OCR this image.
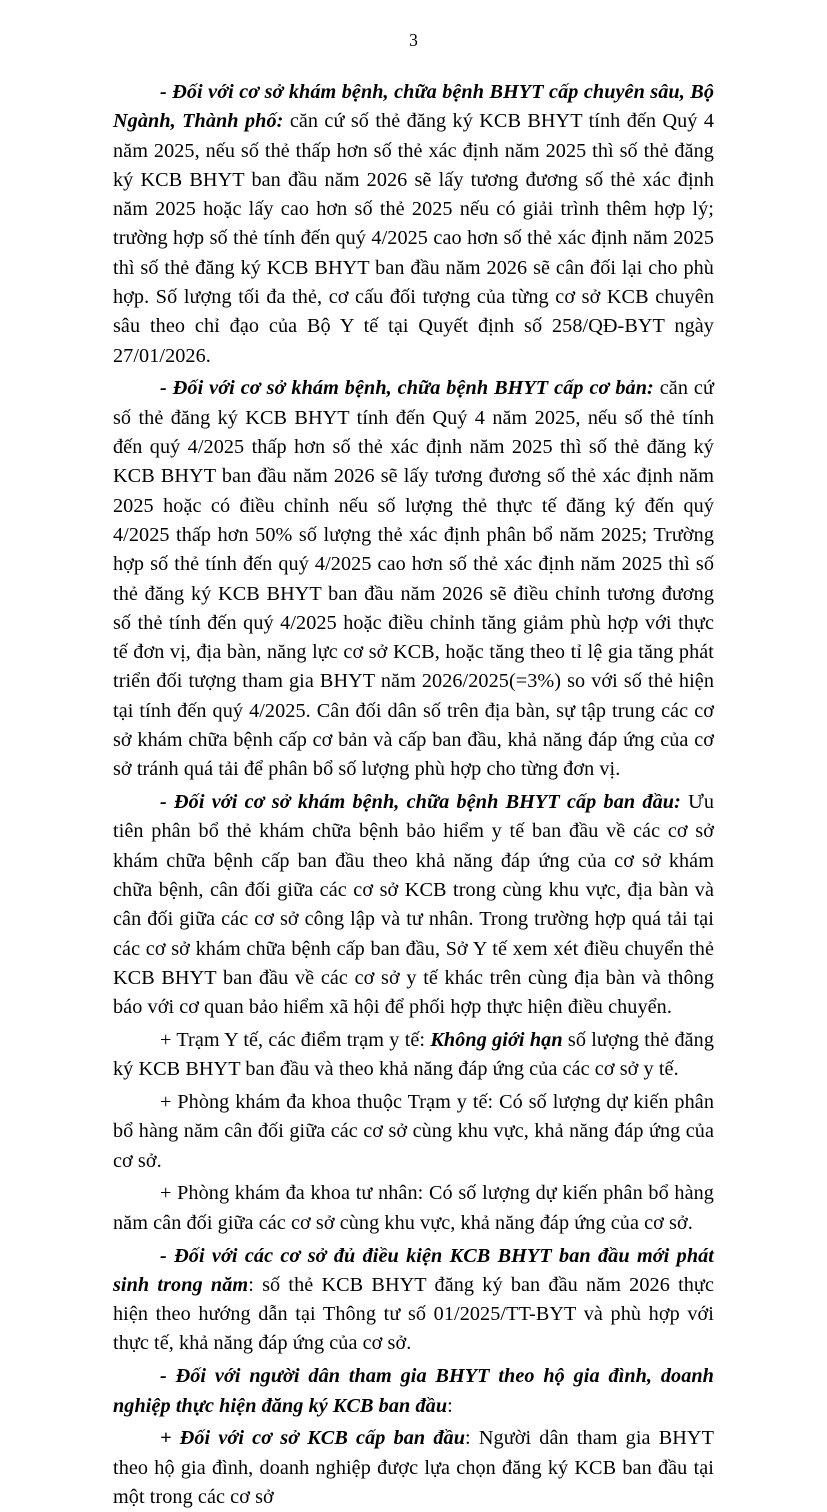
3

- Đối với cơ sở khám bệnh, chữa bệnh BHYT cấp chuyên sâu, Bộ Ngành, Thành phố: căn cứ số thẻ đăng ký KCB BHYT tính đến Quý 4 năm 2025, nếu số thẻ thấp hơn số thẻ xác định năm 2025 thì số thẻ đăng ký KCB BHYT ban đầu năm 2026 sẽ lấy tương đương số thẻ xác định năm 2025 hoặc lấy cao hơn số thẻ 2025 nếu có giải trình thêm hợp lý; trường hợp số thẻ tính đến quý 4/2025 cao hơn số thẻ xác định năm 2025 thì số thẻ đăng ký KCB BHYT ban đầu năm 2026 sẽ cân đối lại cho phù hợp. Số lượng tối đa thẻ, cơ cấu đối tượng của từng cơ sở KCB chuyên sâu theo chỉ đạo của Bộ Y tế tại Quyết định số 258/QĐ-BYT ngày 27/01/2026.

- Đối với cơ sở khám bệnh, chữa bệnh BHYT cấp cơ bản: căn cứ số thẻ đăng ký KCB BHYT tính đến Quý 4 năm 2025, nếu số thẻ tính đến quý 4/2025 thấp hơn số thẻ xác định năm 2025 thì số thẻ đăng ký KCB BHYT ban đầu năm 2026 sẽ lấy tương đương số thẻ xác định năm 2025 hoặc có điều chỉnh nếu số lượng thẻ thực tế đăng ký đến quý 4/2025 thấp hơn 50% số lượng thẻ xác định phân bổ năm 2025; Trường hợp số thẻ tính đến quý 4/2025 cao hơn số thẻ xác định năm 2025 thì số thẻ đăng ký KCB BHYT ban đầu năm 2026 sẽ điều chỉnh tương đương số thẻ tính đến quý 4/2025 hoặc điều chỉnh tăng giảm phù hợp với thực tế đơn vị, địa bàn, năng lực cơ sở KCB, hoặc tăng theo tỉ lệ gia tăng phát triển đối tượng tham gia BHYT năm 2026/2025(=3%) so với số thẻ hiện tại tính đến quý 4/2025. Cân đối dân số trên địa bàn, sự tập trung các cơ sở khám chữa bệnh cấp cơ bản và cấp ban đầu, khả năng đáp ứng của cơ sở tránh quá tải để phân bổ số lượng phù hợp cho từng đơn vị.

- Đối với cơ sở khám bệnh, chữa bệnh BHYT cấp ban đầu: Ưu tiên phân bổ thẻ khám chữa bệnh bảo hiểm y tế ban đầu về các cơ sở khám chữa bệnh cấp ban đầu theo khả năng đáp ứng của cơ sở khám chữa bệnh, cân đối giữa các cơ sở KCB trong cùng khu vực, địa bàn và cân đối giữa các cơ sở công lập và tư nhân. Trong trường hợp quá tải tại các cơ sở khám chữa bệnh cấp ban đầu, Sở Y tế xem xét điều chuyển thẻ KCB BHYT ban đầu về các cơ sở y tế khác trên cùng địa bàn và thông báo với cơ quan bảo hiểm xã hội để phối hợp thực hiện điều chuyển.

+ Trạm Y tế, các điểm trạm y tế: Không giới hạn số lượng thẻ đăng ký KCB BHYT ban đầu và theo khả năng đáp ứng của các cơ sở y tế.

+ Phòng khám đa khoa thuộc Trạm y tế: Có số lượng dự kiến phân bổ hàng năm cân đối giữa các cơ sở cùng khu vực, khả năng đáp ứng của cơ sở.

+ Phòng khám đa khoa tư nhân: Có số lượng dự kiến phân bổ hàng năm cân đối giữa các cơ sở cùng khu vực, khả năng đáp ứng của cơ sở.

- Đối với các cơ sở đủ điều kiện KCB BHYT ban đầu mới phát sinh trong năm: số thẻ KCB BHYT đăng ký ban đầu năm 2026 thực hiện theo hướng dẫn tại Thông tư số 01/2025/TT-BYT và phù hợp với thực tế, khả năng đáp ứng của cơ sở.

- Đối với người dân tham gia BHYT theo hộ gia đình, doanh nghiệp thực hiện đăng ký KCB ban đầu:

+ Đối với cơ sở KCB cấp ban đầu: Người dân tham gia BHYT theo hộ gia đình, doanh nghiệp được lựa chọn đăng ký KCB ban đầu tại một trong các cơ sở
